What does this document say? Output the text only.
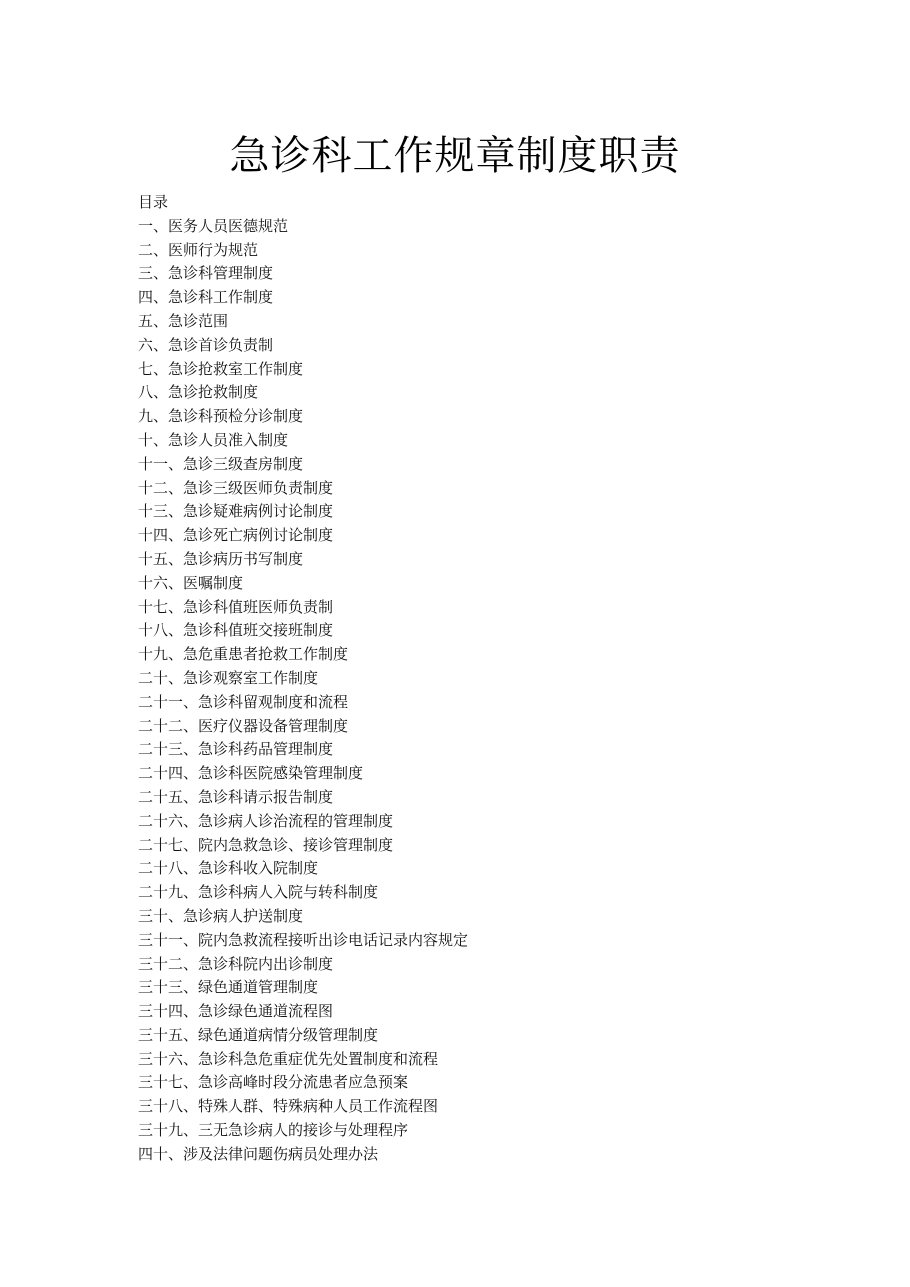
急诊科工作规章制度职责
目录
一、医务人员医德规范
二、医师行为规范
三、急诊科管理制度
四、急诊科工作制度
五、急诊范围
六、急诊首诊负责制
七、急诊抢救室工作制度
八、急诊抢救制度
九、急诊科预检分诊制度
十、急诊人员准入制度
十一、急诊三级查房制度
十二、急诊三级医师负责制度
十三、急诊疑难病例讨论制度
十四、急诊死亡病例讨论制度
十五、急诊病历书写制度
十六、医嘱制度
十七、急诊科值班医师负责制
十八、急诊科值班交接班制度
十九、急危重患者抢救工作制度
二十、急诊观察室工作制度
二十一、急诊科留观制度和流程
二十二、医疗仪器设备管理制度
二十三、急诊科药品管理制度
二十四、急诊科医院感染管理制度
二十五、急诊科请示报告制度
二十六、急诊病人诊治流程的管理制度
二十七、院内急救急诊、接诊管理制度
二十八、急诊科收入院制度
二十九、急诊科病人入院与转科制度
三十、急诊病人护送制度
三十一、院内急救流程接听出诊电话记录内容规定
三十二、急诊科院内出诊制度
三十三、绿色通道管理制度
三十四、急诊绿色通道流程图
三十五、绿色通道病情分级管理制度
三十六、急诊科急危重症优先处置制度和流程
三十七、急诊高峰时段分流患者应急预案
三十八、特殊人群、特殊病种人员工作流程图
三十九、三无急诊病人的接诊与处理程序
四十、涉及法律问题伤病员处理办法
